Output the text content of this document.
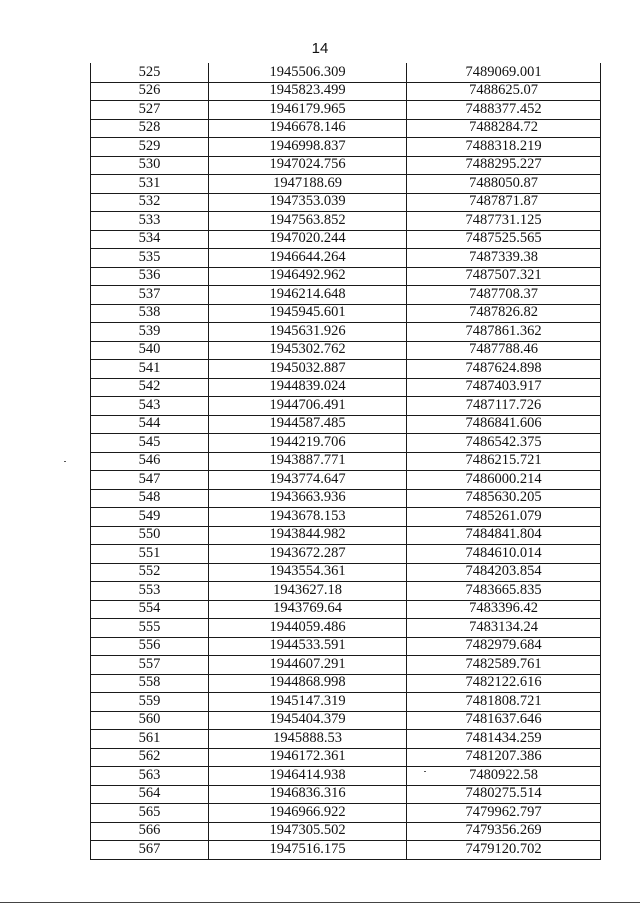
14
525	1945506.309	7489069.001
526	1945823.499	7488625.07
527	1946179.965	7488377.452
528	1946678.146	7488284.72
529	1946998.837	7488318.219
530	1947024.756	7488295.227
531	1947188.69	7488050.87
532	1947353.039	7487871.87
533	1947563.852	7487731.125
534	1947020.244	7487525.565
535	1946644.264	7487339.38
536	1946492.962	7487507.321
537	1946214.648	7487708.37
538	1945945.601	7487826.82
539	1945631.926	7487861.362
540	1945302.762	7487788.46
541	1945032.887	7487624.898
542	1944839.024	7487403.917
543	1944706.491	7487117.726
544	1944587.485	7486841.606
545	1944219.706	7486542.375
546	1943887.771	7486215.721
547	1943774.647	7486000.214
548	1943663.936	7485630.205
549	1943678.153	7485261.079
550	1943844.982	7484841.804
551	1943672.287	7484610.014
552	1943554.361	7484203.854
553	1943627.18	7483665.835
554	1943769.64	7483396.42
555	1944059.486	7483134.24
556	1944533.591	7482979.684
557	1944607.291	7482589.761
558	1944868.998	7482122.616
559	1945147.319	7481808.721
560	1945404.379	7481637.646
561	1945888.53	7481434.259
562	1946172.361	7481207.386
563	1946414.938	7480922.58
564	1946836.316	7480275.514
565	1946966.922	7479962.797
566	1947305.502	7479356.269
567	1947516.175	7479120.702
